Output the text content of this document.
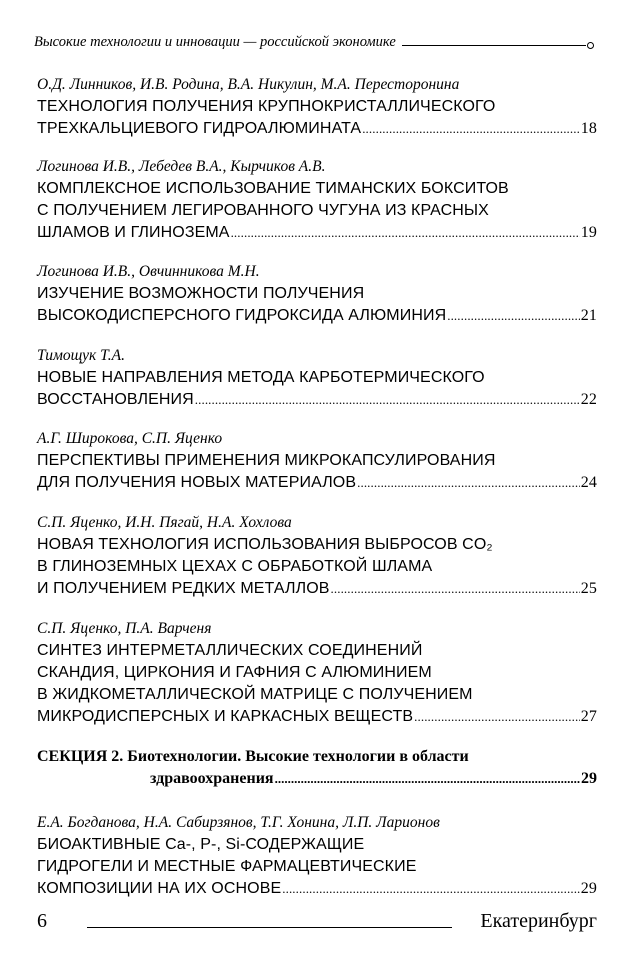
Высокие технологии и инновации — российской экономике
О.Д. Линников, И.В. Родина, В.А. Никулин, М.А. Пересторонина
ТЕХНОЛОГИЯ ПОЛУЧЕНИЯ КРУПНОКРИСТАЛЛИЧЕСКОГО
ТРЕХКАЛЬЦИЕВОГО ГИДРОАЛЮМИНАТА .....	18
Логинова И.В., Лебедев В.А., Кырчиков А.В.
КОМПЛЕКСНОЕ ИСПОЛЬЗОВАНИЕ ТИМАНСКИХ БОКСИТОВ
С ПОЛУЧЕНИЕМ ЛЕГИРОВАННОГО ЧУГУНА ИЗ КРАСНЫХ
ШЛАМОВ И ГЛИНОЗЕМА .....	19
Логинова И.В., Овчинникова М.Н.
ИЗУЧЕНИЕ ВОЗМОЖНОСТИ ПОЛУЧЕНИЯ
ВЫСОКОДИСПЕРСНОГО ГИДРОКСИДА АЛЮМИНИЯ .....	21
Тимощук Т.А.
НОВЫЕ НАПРАВЛЕНИЯ МЕТОДА КАРБОТЕРМИЧЕСКОГО
ВОССТАНОВЛЕНИЯ .....	22
А.Г. Широкова, С.П. Яценко
ПЕРСПЕКТИВЫ ПРИМЕНЕНИЯ МИКРОКАПСУЛИРОВАНИЯ
ДЛЯ ПОЛУЧЕНИЯ НОВЫХ МАТЕРИАЛОВ .....	24
С.П. Яценко, И.Н. Пягай, Н.А. Хохлова
НОВАЯ ТЕХНОЛОГИЯ ИСПОЛЬЗОВАНИЯ ВЫБРОСОВ CO₂
В ГЛИНОЗЕМНЫХ ЦЕХАХ С ОБРАБОТКОЙ ШЛАМА
И ПОЛУЧЕНИЕМ РЕДКИХ МЕТАЛЛОВ .....	25
С.П. Яценко, П.А. Варченя
СИНТЕЗ ИНТЕРМЕТАЛЛИЧЕСКИХ СОЕДИНЕНИЙ
СКАНДИЯ, ЦИРКОНИЯ И ГАФНИЯ С АЛЮМИНИЕМ
В ЖИДКОМЕТАЛЛИЧЕСКОЙ МАТРИЦЕ С ПОЛУЧЕНИЕМ
МИКРОДИСПЕРСНЫХ И КАРКАСНЫХ ВЕЩЕСТВ .....	27
СЕКЦИЯ 2. Биотехнологии. Высокие технологии в области
здравоохранения .....	29
Е.А. Богданова, Н.А. Сабирзянов, Т.Г. Хонина, Л.П. Ларионов
БИОАКТИВНЫЕ Ca-, P-, Si-СОДЕРЖАЩИЕ
ГИДРОГЕЛИ И МЕСТНЫЕ ФАРМАЦЕВТИЧЕСКИЕ
КОМПОЗИЦИИ НА ИХ ОСНОВЕ .....	29
6	Екатеринбург
